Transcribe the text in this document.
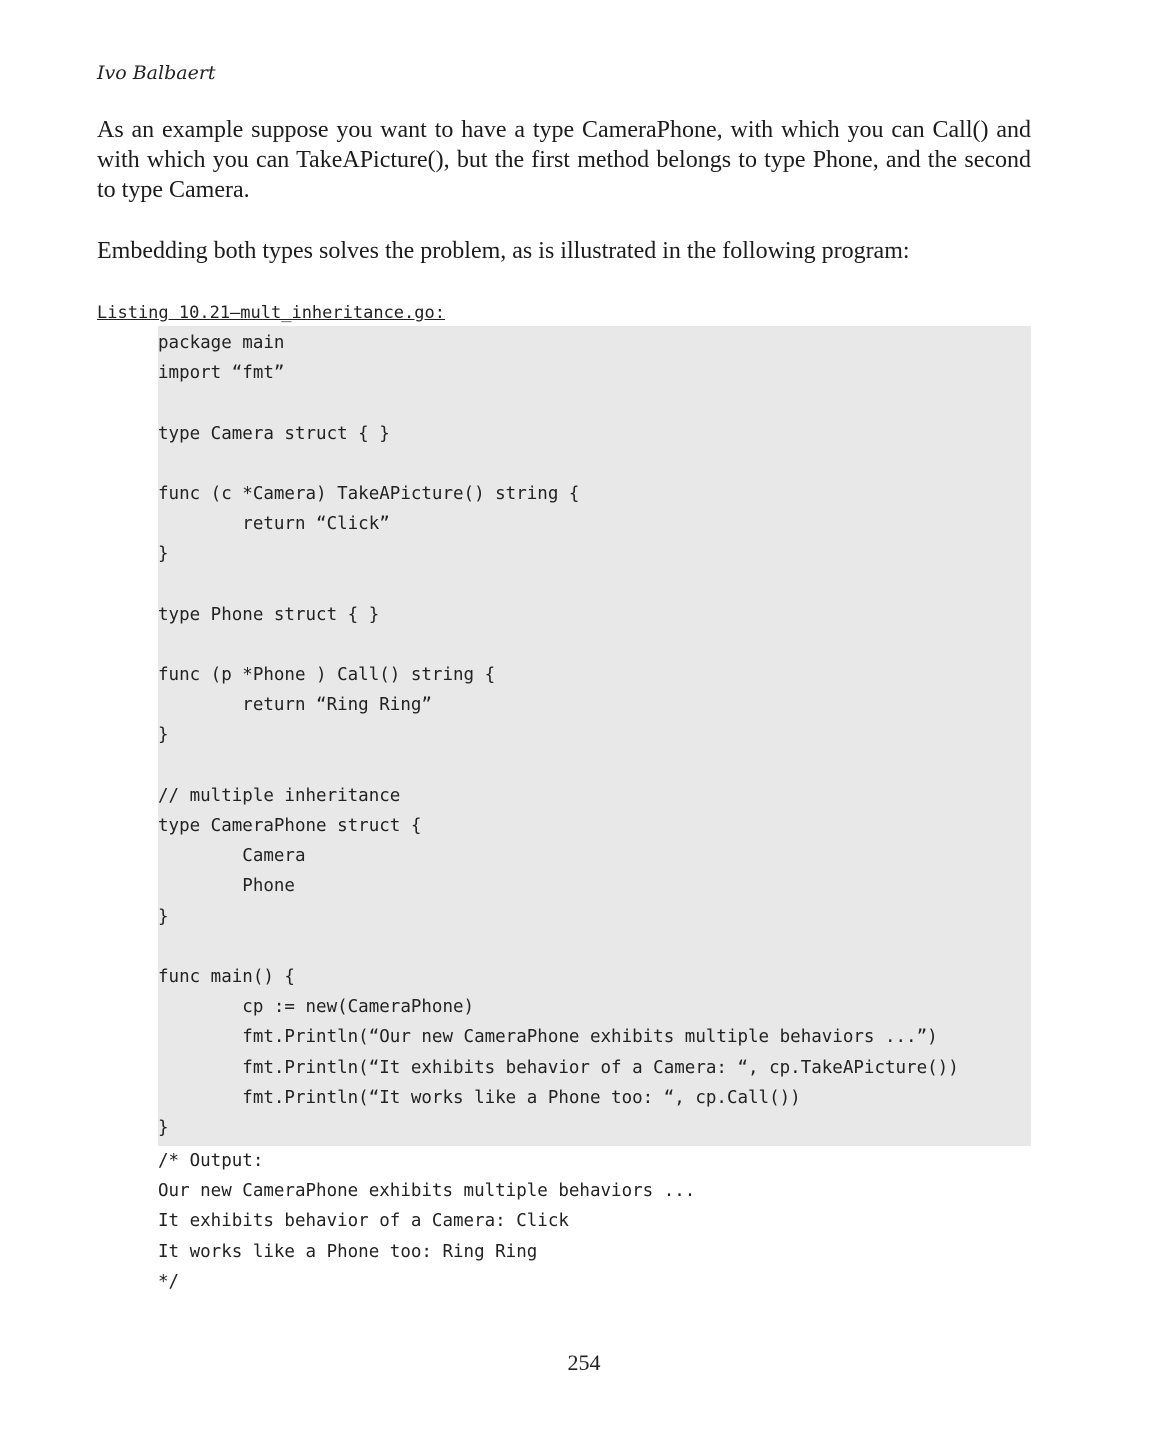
Ivo Balbaert

As an example suppose you want to have a type CameraPhone, with which you can Call() and with which you can TakeAPicture(), but the first method belongs to type Phone, and the second to type Camera.

Embedding both types solves the problem, as is illustrated in the following program:

Listing 10.21—mult_inheritance.go:
package main
import “fmt”
type Camera struct { }
func (c *Camera) TakeAPicture() string {
return “Click”
}
type Phone struct { }
func (p *Phone ) Call() string {
return “Ring Ring”
}
// multiple inheritance
type CameraPhone struct {
Camera
Phone
}
func main() {
cp := new(CameraPhone)
fmt.Println(“Our new CameraPhone exhibits multiple behaviors ...”)
fmt.Println(“It exhibits behavior of a Camera: “, cp.TakeAPicture())
fmt.Println(“It works like a Phone too: “, cp.Call())
}
/* Output:
Our new CameraPhone exhibits multiple behaviors ...
It exhibits behavior of a Camera: Click
It works like a Phone too: Ring Ring
*/
254
